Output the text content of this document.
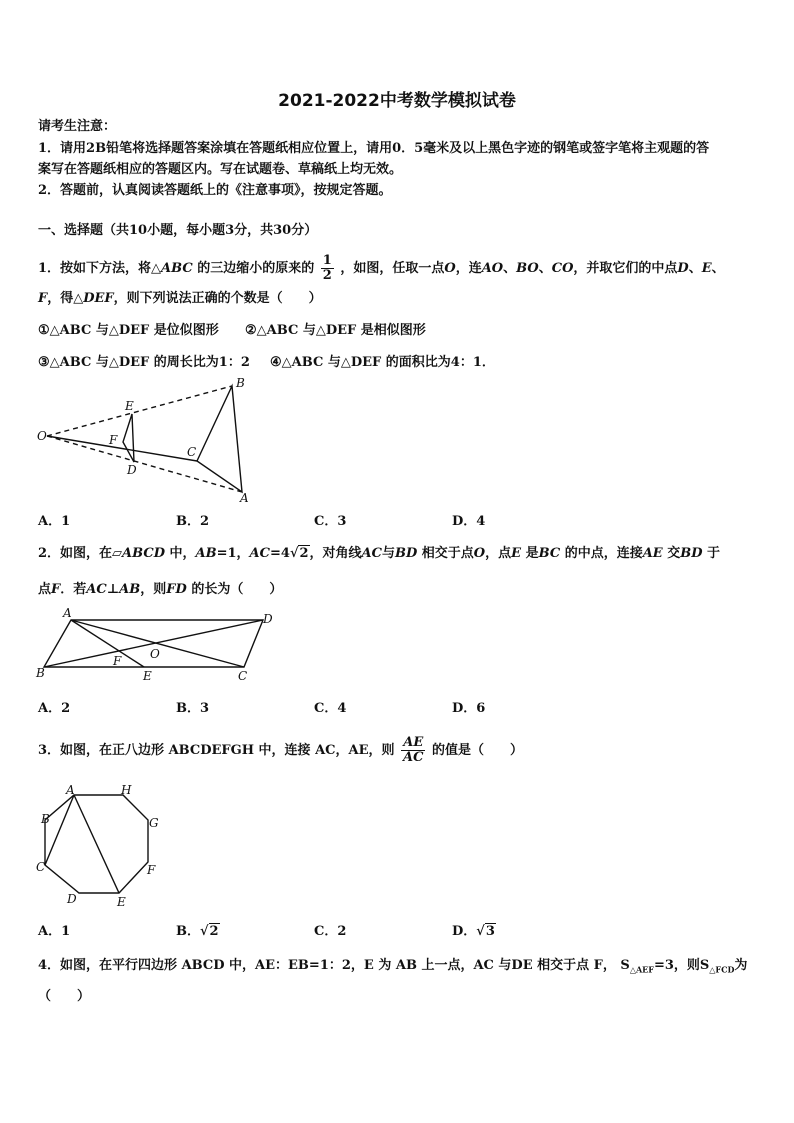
2021-2022中考数学模拟试卷
请考生注意：
1．请用2B铅笔将选择题答案涂填在答题纸相应位置上，请用0．5毫米及以上黑色字迹的钢笔或签字笔将主观题的答
案写在答题纸相应的答题区内。写在试题卷、草稿纸上均无效。
2．答题前，认真阅读答题纸上的《注意事项》，按规定答题。
一、选择题（共10小题，每小题3分，共30分）
1．按如下方法，将△ABC 的三边缩小的原来的 $\frac{1}{2}$ ，如图，任取一点O，连AO、BO、CO，并取它们的中点D、E、
F，得△DEF，则下列说法正确的个数是（　　）
①△ABC 与△DEF 是位似图形 ②△ABC 与△DEF 是相似图形
③△ABC 与△DEF 的周长比为1：2 ④△ABC 与△DEF 的面积比为4：1．
O
E
F
D
B
C
A
A．1	B．2	C．3	D．4
2．如图，在▱ABCD 中，AB=1，AC=4√2，对角线AC与BD 相交于点O，点E 是BC 的中点，连接AE 交BD 于
点F．若AC⊥AB，则FD 的长为（　　）
A	D
B
F O
E	C
A．2	B．3	C．4	D．6
3．如图，在正八边形 ABCDEFGH 中，连接 AC，AE，则 $\frac{AE}{AC}$ 的值是（　　）
A	H
B	G
C	F
D	E
A．1	B．√2	C．2	D．√3
4．如图，在平行四边形 ABCD 中，AE：EB=1：2，E 为 AB 上一点，AC 与DE 相交于点 F， $S_{\triangle AEF}=3$，则$S_{\triangle FCD}$为
（　　）
